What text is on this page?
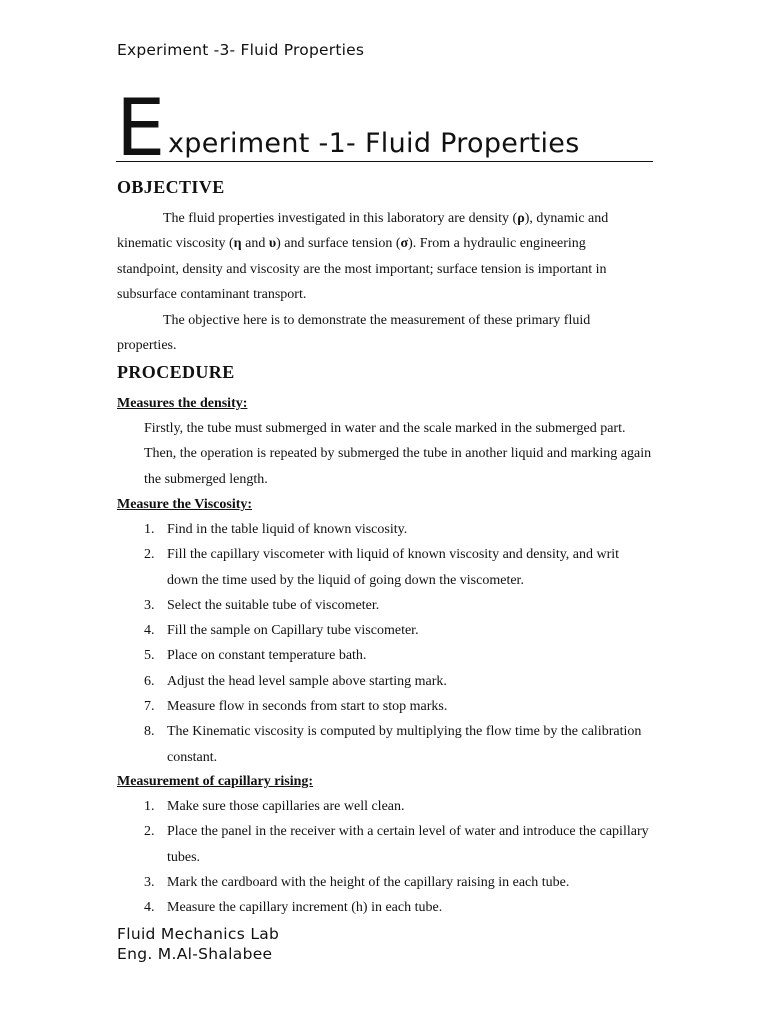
Experiment -3- Fluid Properties
E xperiment -1- Fluid Properties
OBJECTIVE

The fluid properties investigated in this laboratory are density (ρ), dynamic and kinematic viscosity (η and υ) and surface tension (σ). From a hydraulic engineering standpoint, density and viscosity are the most important; surface tension is important in subsurface contaminant transport.

The objective here is to demonstrate the measurement of these primary fluid properties.

PROCEDURE
Measures the density:
Firstly, the tube must submerged in water and the scale marked in the submerged part. Then, the operation is repeated by submerged the tube in another liquid and marking again the submerged length.
Measure the Viscosity:
1. Find in the table liquid of known viscosity.
2. Fill the capillary viscometer with liquid of known viscosity and density, and writ down the time used by the liquid of going down the viscometer.
3. Select the suitable tube of viscometer.
4. Fill the sample on Capillary tube viscometer.
5. Place on constant temperature bath.
6. Adjust the head level sample above starting mark.
7. Measure flow in seconds from start to stop marks.
8. The Kinematic viscosity is computed by multiplying the flow time by the calibration constant.
Measurement of capillary rising:
1. Make sure those capillaries are well clean.
2. Place the panel in the receiver with a certain level of water and introduce the capillary tubes.
3. Mark the cardboard with the height of the capillary raising in each tube.
4. Measure the capillary increment (h) in each tube.
Fluid Mechanics Lab
Eng. M.Al-Shalabee
